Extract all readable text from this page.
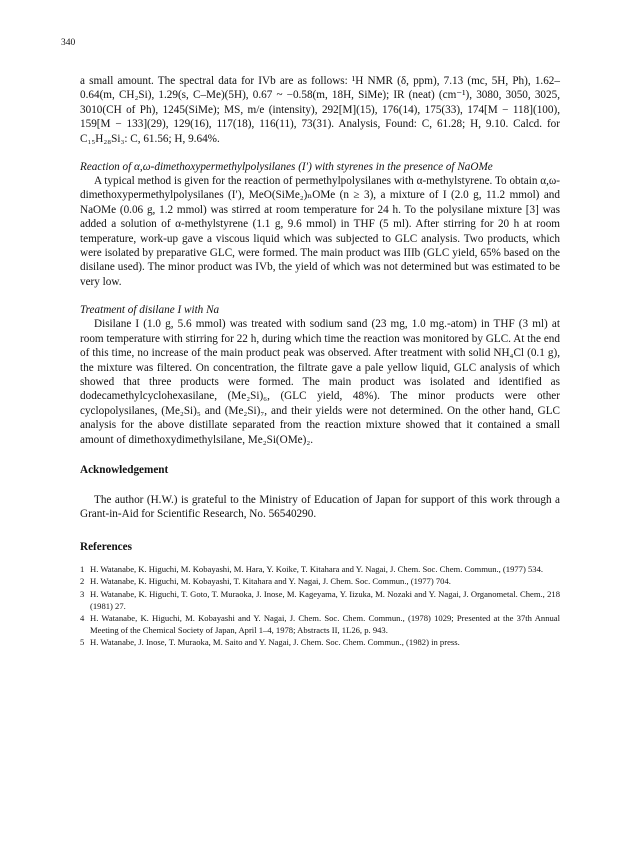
340

a small amount. The spectral data for IVb are as follows: ¹H NMR (δ, ppm), 7.13 (mc, 5H, Ph), 1.62–0.64(m, CH₂Si), 1.29(s, C–Me)(5H), 0.67 ~ −0.58(m, 18H, SiMe); IR (neat) (cm⁻¹), 3080, 3050, 3025, 3010(CH of Ph), 1245(SiMe); MS, m/e (intensity), 292[M](15), 176(14), 175(33), 174[M − 118](100), 159[M − 133](29), 129(16), 117(18), 116(11), 73(31). Analysis, Found: C, 61.28; H, 9.10. Calcd. for C₁₅H₂₈Si₃: C, 61.56; H, 9.64%.

Reaction of α,ω-dimethoxypermethylpolysilanes (I′) with styrenes in the presence of NaOMe

A typical method is given for the reaction of permethylpolysilanes with α-methylstyrene. To obtain α,ω-dimethoxypermethylpolysilanes (I′), MeO(SiMe₂)ₙOMe (n ≥ 3), a mixture of I (2.0 g, 11.2 mmol) and NaOMe (0.06 g, 1.2 mmol) was stirred at room temperature for 24 h. To the polysilane mixture [3] was added a solution of α-methylstyrene (1.1 g, 9.6 mmol) in THF (5 ml). After stirring for 20 h at room temperature, work-up gave a viscous liquid which was subjected to GLC analysis. Two products, which were isolated by preparative GLC, were formed. The main product was IIIb (GLC yield, 65% based on the disilane used). The minor product was IVb, the yield of which was not determined but was estimated to be very low.

Treatment of disilane I with Na

Disilane I (1.0 g, 5.6 mmol) was treated with sodium sand (23 mg, 1.0 mg.-atom) in THF (3 ml) at room temperature with stirring for 22 h, during which time the reaction was monitored by GLC. At the end of this time, no increase of the main product peak was observed. After treatment with solid NH₄Cl (0.1 g), the mixture was filtered. On concentration, the filtrate gave a pale yellow liquid, GLC analysis of which showed that three products were formed. The main product was isolated and identified as dodecamethylcyclohexasilane, (Me₂Si)₆, (GLC yield, 48%). The minor products were other cyclopolysilanes, (Me₂Si)₅ and (Me₂Si)₇, and their yields were not determined. On the other hand, GLC analysis for the above distillate separated from the reaction mixture showed that it contained a small amount of dimethoxydimethylsilane, Me₂Si(OMe)₂.

Acknowledgement

The author (H.W.) is grateful to the Ministry of Education of Japan for support of this work through a Grant-in-Aid for Scientific Research, No. 56540290.

References
1 H. Watanabe, K. Higuchi, M. Kobayashi, M. Hara, Y. Koike, T. Kitahara and Y. Nagai, J. Chem. Soc. Chem. Commun., (1977) 534.
2 H. Watanabe, K. Higuchi, M. Kobayashi, T. Kitahara and Y. Nagai, J. Chem. Soc. Commun., (1977) 704.
3 H. Watanabe, K. Higuchi, T. Goto, T. Muraoka, J. Inose, M. Kageyama, Y. Iizuka, M. Nozaki and Y. Nagai, J. Organometal. Chem., 218 (1981) 27.
4 H. Watanabe, K. Higuchi, M. Kobayashi and Y. Nagai, J. Chem. Soc. Chem. Commun., (1978) 1029; Presented at the 37th Annual Meeting of the Chemical Society of Japan, April 1–4, 1978; Abstracts II, 1L26, p. 943.
5 H. Watanabe, J. Inose, T. Muraoka, M. Saito and Y. Nagai, J. Chem. Soc. Chem. Commun., (1982) in press.
